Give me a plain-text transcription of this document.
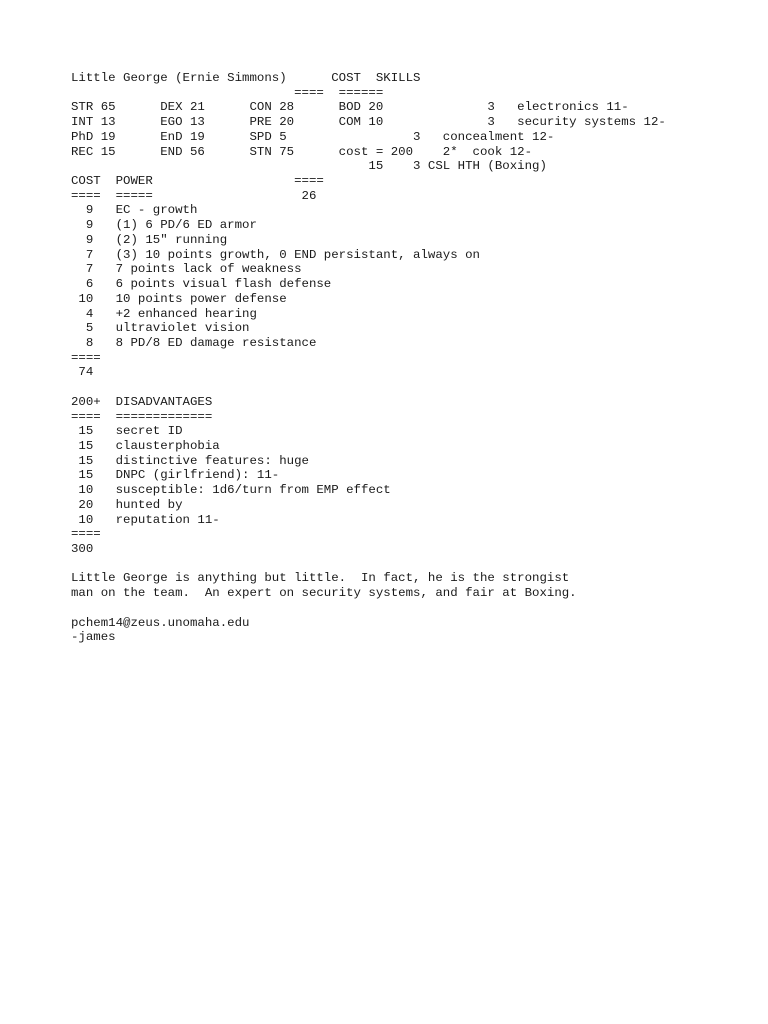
Little George (Ernie Simmons)      COST  SKILLS
====  ======
STR 65      DEX 21      CON 28      BOD 20              3   electronics 11-
INT 13      EGO 13      PRE 20      COM 10              3   security systems 12-
PhD 19      EnD 19      SPD 5                 3   concealment 12-
REC 15      END 56      STN 75      cost = 200    2*  cook 12-
15    3 CSL HTH (Boxing)
COST  POWER                   ====
====  =====                    26
9   EC - growth
9   (1) 6 PD/6 ED armor
9   (2) 15" running
7   (3) 10 points growth, 0 END persistant, always on
7   7 points lack of weakness
6   6 points visual flash defense
10   10 points power defense
4   +2 enhanced hearing
5   ultraviolet vision
8   8 PD/8 ED damage resistance
====
74
200+  DISADVANTAGES
====  =============
15   secret ID
15   clausterphobia
15   distinctive features: huge
15   DNPC (girlfriend): 11-
10   susceptible: 1d6/turn from EMP effect
20   hunted by
10   reputation 11-
====
300
Little George is anything but little.  In fact, he is the strongist
man on the team.  An expert on security systems, and fair at Boxing.
pchem14@zeus.unomaha.edu
-james
